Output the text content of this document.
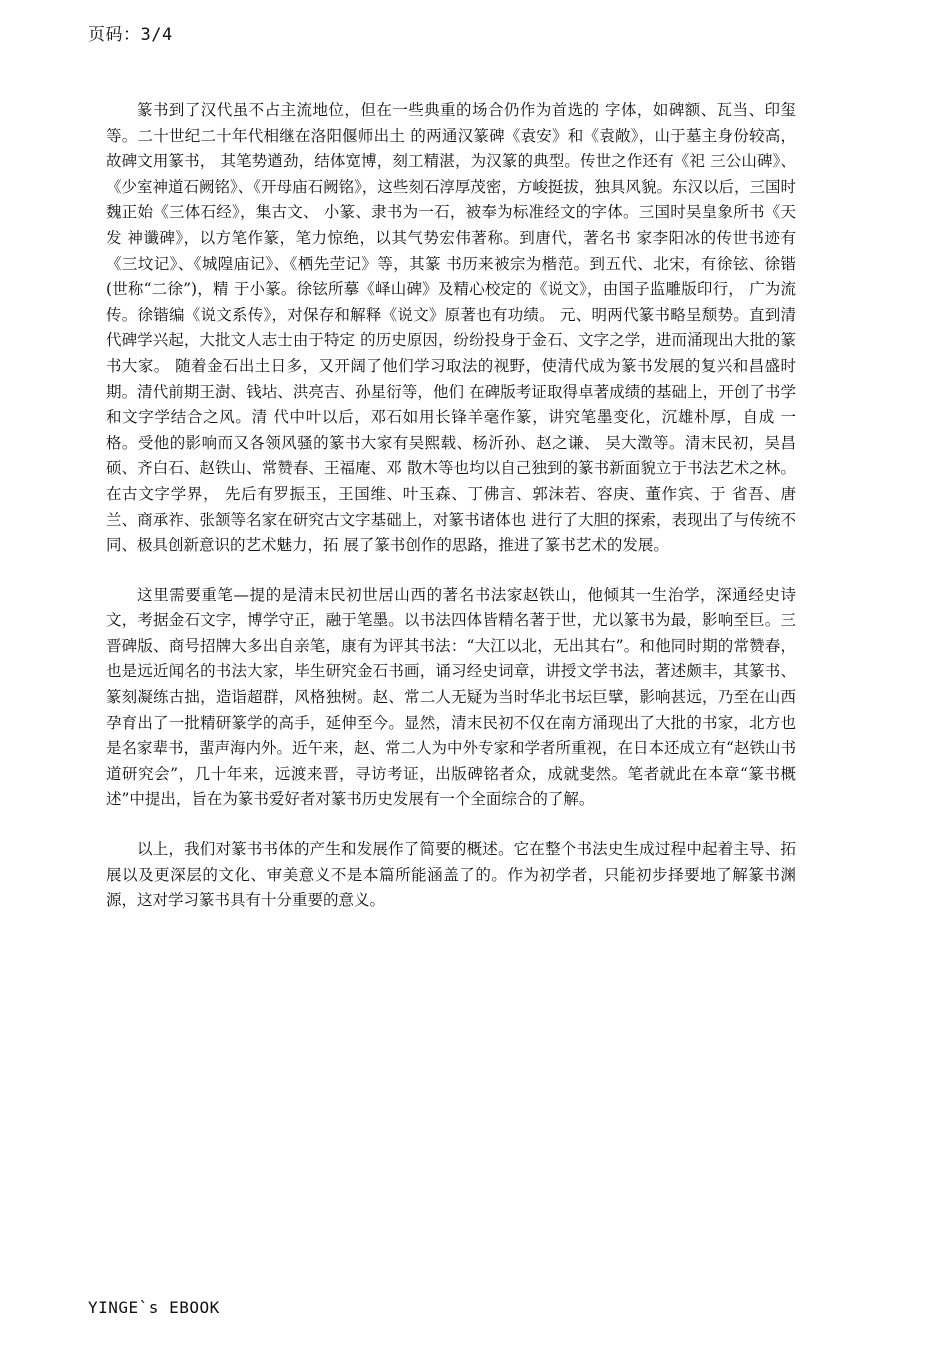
页码：3/4

篆书到了汉代虽不占主流地位，但在一些典重的场合仍作为首选的 字体，如碑额、瓦当、印玺等。二十世纪二十年代相继在洛阳偃师出土 的两通汉篆碑《袁安》和《袁敞》，山于墓主身份较高，故碑文用篆书， 其笔势遒劲，结体宽博，刻工精湛，为汉篆的典型。传世之作还有《祀 三公山碑》、《少室神道石阙铭》、《开母庙石阙铭》，这些刻石淳厚茂密，方峻挺拔，独具风貌。东汉以后，三国时魏正始《三体石经》，集古文、 小篆、隶书为一石，被奉为标准经文的字体。三国时吴皇象所书《天发 神谶碑》，以方笔作篆，笔力惊绝，以其气势宏伟著称。到唐代，著名书 家李阳冰的传世书迹有《三坟记》、《城隍庙记》、《栖先茔记》等，其篆 书历来被宗为楷范。到五代、北宋，有徐铉、徐锴(世称“二徐”)，精 于小篆。徐铉所摹《峄山碑》及精心校定的《说文》，由国子监雕版印行， 广为流传。徐锴编《说文系传》，对保存和解释《说文》原著也有功绩。 元、明两代篆书略呈颓势。直到清代碑学兴起，大批文人志士由于特定 的历史原因，纷纷投身于金石、文字之学，进而涌现出大批的篆书大家。 随着金石出土日多，又开阔了他们学习取法的视野，使清代成为篆书发展的复兴和昌盛时期。清代前期王澍、钱坫、洪亮吉、孙星衍等，他们 在碑版考证取得卓著成绩的基础上，开创了书学和文字学结合之风。清 代中叶以后，邓石如用长锋羊毫作篆，讲究笔墨变化，沉雄朴厚，自成 一格。受他的影响而又各领风骚的篆书大家有吴熙载、杨沂孙、赵之谦、 吴大澂等。清末民初，吴昌硕、齐白石、赵铁山、常赞春、王福庵、邓 散木等也均以自己独到的篆书新面貌立于书法艺术之林。在古文字学界， 先后有罗振玉，王国维、叶玉森、丁佛言、郭沫若、容庚、董作宾、于 省吾、唐兰、商承祚、张颔等名家在研究古文字基础上，对篆书诸体也 进行了大胆的探索，表现出了与传统不同、极具创新意识的艺术魅力，拓 展了篆书创作的思路，推进了篆书艺术的发展。

这里需要重笔—提的是清末民初世居山西的著名书法家赵铁山，他倾其一生治学，深通经史诗文，考据金石文字，博学守正，融于笔墨。以书法四体皆精名著于世，尤以篆书为最，影响至巨。三晋碑版、商号招牌大多出自亲笔，康有为评其书法：“大江以北，无出其右”。和他同时期的常赞春，也是远近闻名的书法大家，毕生研究金石书画，诵习经史词章，讲授文学书法，著述颇丰，其篆书、篆刻凝练古拙，造诣超群，风格独树。赵、常二人无疑为当时华北书坛巨擘，影响甚远，乃至在山西孕育出了一批精研篆学的高手，延伸至今。显然，清末民初不仅在南方涌现出了大批的书家，北方也是名家辈书，蜚声海内外。近午来，赵、常二人为中外专家和学者所重视，在日本还成立有“赵铁山书道研究会”，几十年来，远渡来晋，寻访考证，出版碑铭者众，成就斐然。笔者就此在本章“篆书概述”中提出，旨在为篆书爱好者对篆书历史发展有一个全面综合的了解。

以上，我们对篆书书体的产生和发展作了简要的概述。它在整个书法史生成过程中起着主导、拓展以及更深层的文化、审美意义不是本篇所能涵盖了的。作为初学者，只能初步择要地了解篆书渊源，这对学习篆书具有十分重要的意义。

YINGE`s EBOOK
